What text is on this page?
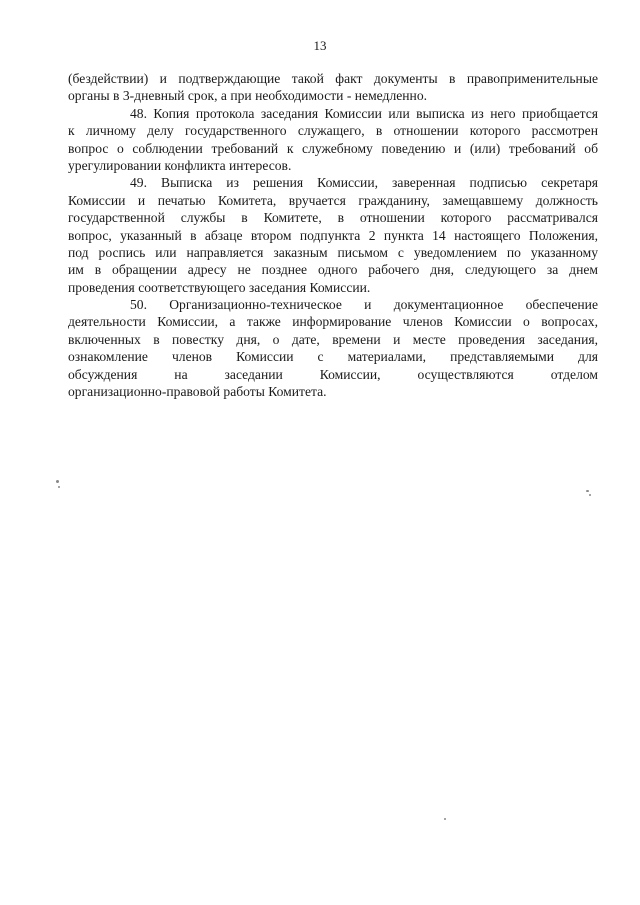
13
(бездействии) и подтверждающие такой факт документы в правоприменительные
органы в 3-дневный срок, а при необходимости - немедленно.
48. Копия протокола заседания Комиссии или выписка из него приобщается
к личному делу государственного служащего, в отношении которого рассмотрен
вопрос о соблюдении требований к служебному поведению и (или) требований об
урегулировании конфликта интересов.
49. Выписка из решения Комиссии, заверенная подписью секретаря
Комиссии и печатью Комитета, вручается гражданину, замещавшему должность
государственной службы в Комитете, в отношении которого рассматривался
вопрос, указанный в абзаце втором подпункта 2 пункта 14 настоящего Положения,
под роспись или направляется заказным письмом с уведомлением по указанному
им в обращении адресу не позднее одного рабочего дня, следующего за днем
проведения соответствующего заседания Комиссии.
50. Организационно-техническое и документационное обеспечение
деятельности Комиссии, а также информирование членов Комиссии о вопросах,
включенных в повестку дня, о дате, времени и месте проведения заседания,
ознакомление членов Комиссии с материалами, представляемыми для
обсуждения на заседании Комиссии, осуществляются отделом
организационно-правовой работы Комитета.
